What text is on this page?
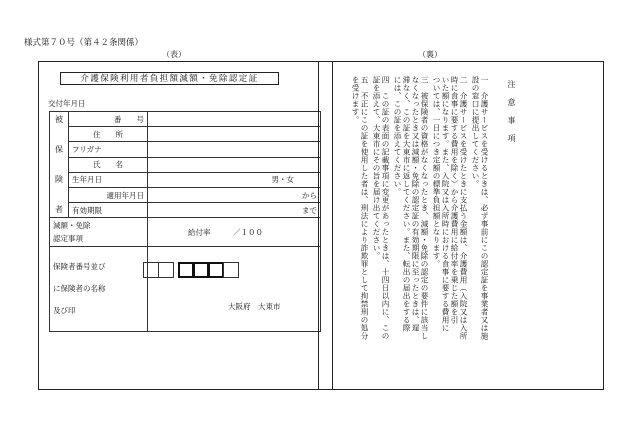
様式第７０号（第４２条関係）
（表）	（裏）
介護保険利用者負担額減額・免除認定証
交付年月日
被	番　　号	
	住　　所	
保	フリガナ	
	氏　　名	
険	生年月日	男・女
	適用年月日	から
者	有効期限	まで

減額・免除
認定事項		給付率　　　／１００

保険者番号並び
に保険者の名称
及び印		大阪府　大東市
注　意　事　項
一　介護サービスを受けるときは、必ず事前にこの認定証を事業者又は施
設の窓口に提出してください。
二　介護サービスを受けたときに支払う金額は、介護費用（入院又は入所
時に食事に要する費用を除く）から介護費用に給付率を乗じた額を引
いた額になります。また、入院又は入所時における食事に要する費用に
ついては、一日につき定額の標準負担額となります。
三　被保険者の資格がなくなったとき、減額・免除の認定の要件に該当し
なくなったとき又は減額・免除の認定証の有効期限に至ったときは、遅
滞なく、この証を大東市に返してください。また、転出の届出をする際
には、この証を添えてください。
四　この証の表面の記載事項に変更があったときは、十四日以内に、この
証を添えて、大東市にその旨を届け出てください。
五　不正にこの証を使用した者は、刑法により詐欺罪として拘禁刑の処分
を受けます。
